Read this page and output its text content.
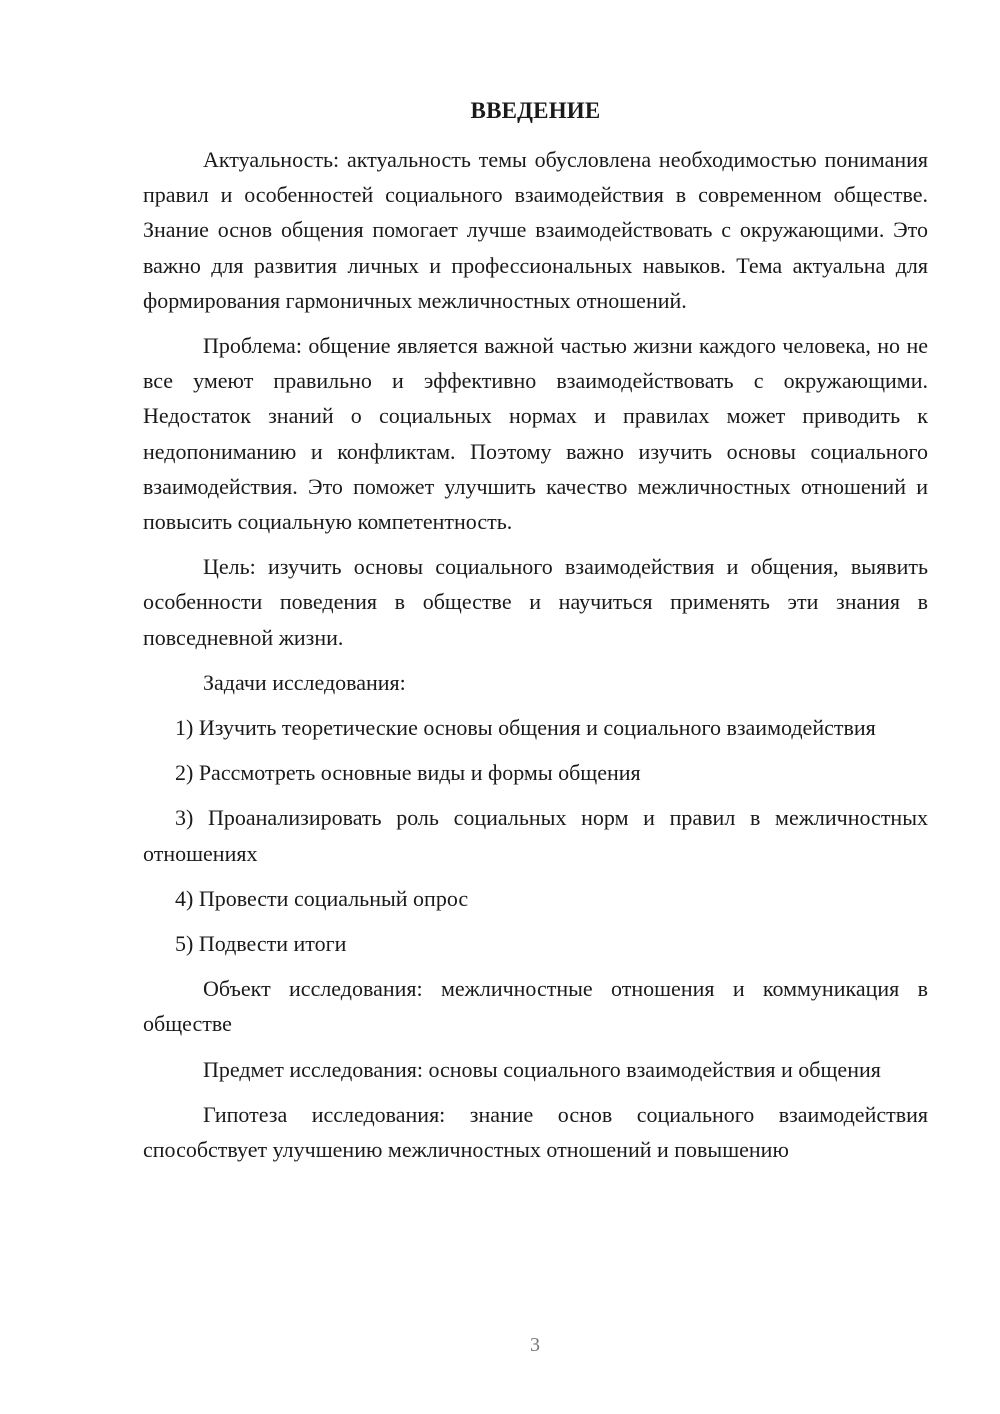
ВВЕДЕНИЕ

Актуальность: актуальность темы обусловлена необходимостью понимания правил и особенностей социального взаимодействия в современном обществе. Знание основ общения помогает лучше взаимодействовать с окружающими. Это важно для развития личных и профессиональных навыков. Тема актуальна для формирования гармоничных межличностных отношений.

Проблема: общение является важной частью жизни каждого человека, но не все умеют правильно и эффективно взаимодействовать с окружающими. Недостаток знаний о социальных нормах и правилах может приводить к недопониманию и конфликтам. Поэтому важно изучить основы социального взаимодействия. Это поможет улучшить качество межличностных отношений и повысить социальную компетентность.

Цель: изучить основы социального взаимодействия и общения, выявить особенности поведения в обществе и научиться применять эти знания в повседневной жизни.

Задачи исследования:

1) Изучить теоретические основы общения и социального взаимодействия

2) Рассмотреть основные виды и формы общения

3) Проанализировать роль социальных норм и правил в межличностных отношениях

4) Провести социальный опрос

5) Подвести итоги

Объект исследования: межличностные отношения и коммуникация в обществе

Предмет исследования: основы социального взаимодействия и общения

Гипотеза исследования: знание основ социального взаимодействия способствует улучшению межличностных отношений и повышению

3
